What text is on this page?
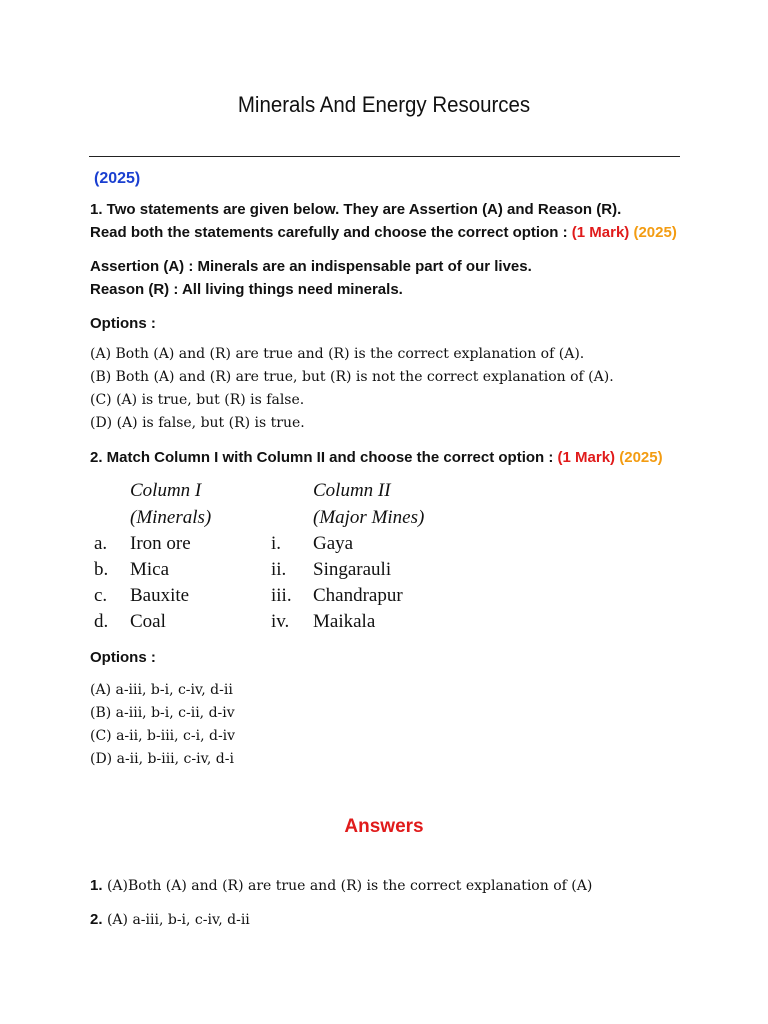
Minerals And Energy Resources
(2025)
1. Two statements are given below. They are Assertion (A) and Reason (R).
Read both the statements carefully and choose the correct option : (1 Mark) (2025)
Assertion (A) : Minerals are an indispensable part of our lives.
Reason (R) : All living things need minerals.
Options :
(A) Both (A) and (R) are true and (R) is the correct explanation of (A).
(B) Both (A) and (R) are true, but (R) is not the correct explanation of (A).
(C) (A) is true, but (R) is false.
(D) (A) is false, but (R) is true.
2. Match Column I with Column II and choose the correct option : (1 Mark) (2025)
Column I
(Minerals)
Column II
(Major Mines)
a. Iron ore	i. Gaya
b. Mica	ii. Singarauli
c. Bauxite	iii. Chandrapur
d. Coal	iv. Maikala
Options :
(A) a-iii, b-i, c-iv, d-ii
(B) a-iii, b-i, c-ii, d-iv
(C) a-ii, b-iii, c-i, d-iv
(D) a-ii, b-iii, c-iv, d-i
Answers
1. (A)Both (A) and (R) are true and (R) is the correct explanation of (A)
2. (A) a-iii, b-i, c-iv, d-ii
